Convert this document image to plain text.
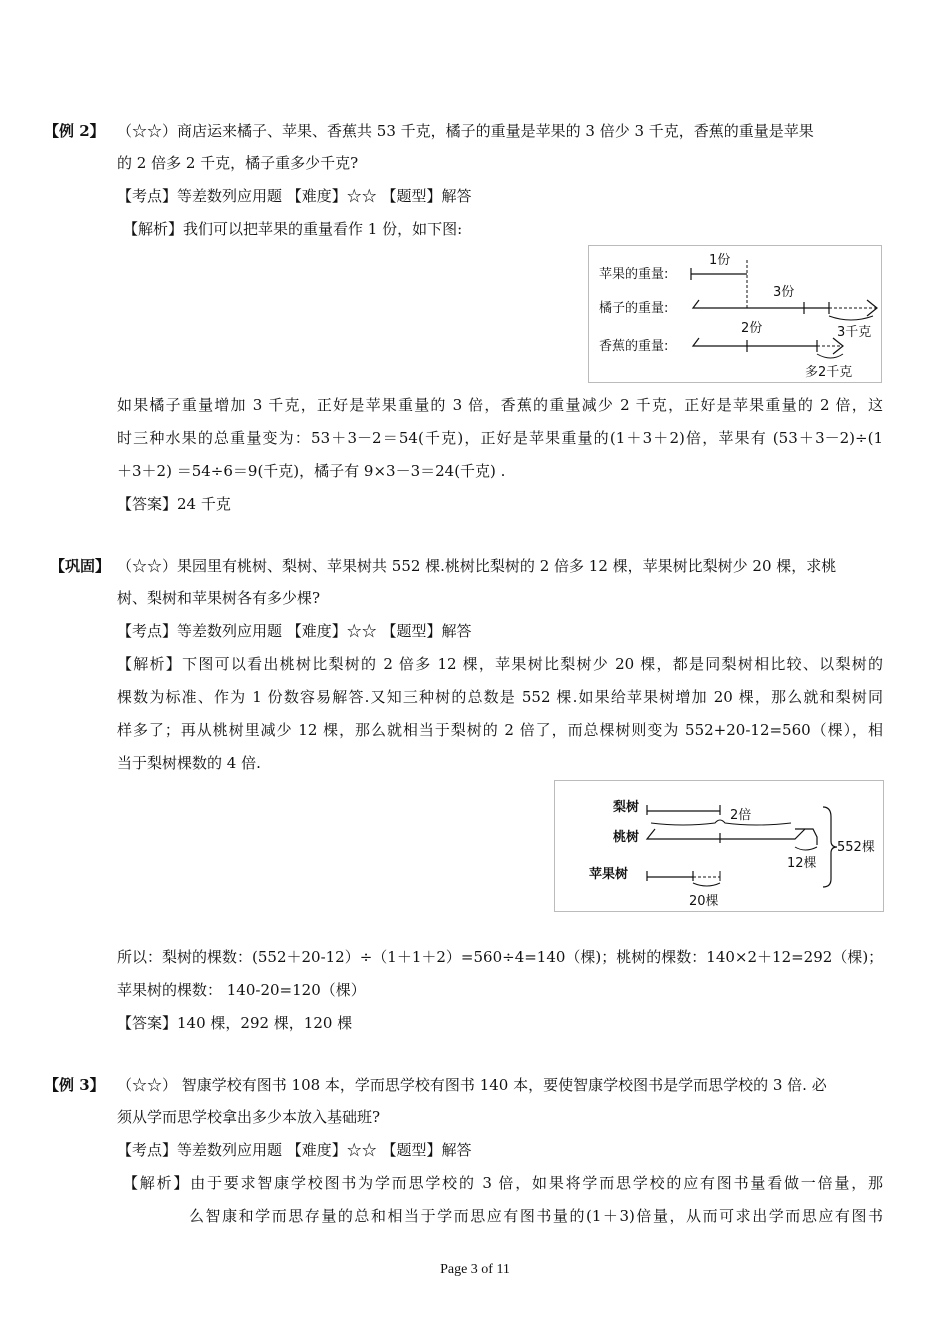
【例 2】 （☆☆）商店运来橘子、苹果、香蕉共 53 千克，橘子的重量是苹果的 3 倍少 3 千克，香蕉的重量是苹果
的 2 倍多 2 千克，橘子重多少千克?
【考点】等差数列应用题 【难度】☆☆ 【题型】解答
【解析】我们可以把苹果的重量看作 1 份，如下图:
苹果的重量:
橘子的重量:
香蕉的重量:
1份
3份
3千克
2份
多2千克
如果橘子重量增加 3 千克，正好是苹果重量的 3 倍，香蕉的重量减少 2 千克，正好是苹果重量的 2 倍，这
时三种水果的总重量变为：53＋3－2＝54(千克)，正好是苹果重量的(1＋3＋2)倍，苹果有 (53＋3－2)÷(1
＋3＋2) ＝54÷6＝9(千克)，橘子有 9×3－3＝24(千克) .
【答案】24 千克
【巩固】 （☆☆）果园里有桃树、梨树、苹果树共 552 棵.桃树比梨树的 2 倍多 12 棵，苹果树比梨树少 20 棵，求桃
树、梨树和苹果树各有多少棵?
【考点】等差数列应用题 【难度】☆☆ 【题型】解答
【解析】下图可以看出桃树比梨树的 2 倍多 12 棵，苹果树比梨树少 20 棵，都是同梨树相比较、以梨树的
棵数为标准、作为 1 份数容易解答.又知三种树的总数是 552 棵.如果给苹果树增加 20 棵，那么就和梨树同
样多了；再从桃树里减少 12 棵，那么就相当于梨树的 2 倍了，而总棵树则变为 552+20-12=560（棵），相
当于梨树棵数的 4 倍.
梨树
桃树
苹果树
2倍
12棵
552棵
20棵
所以：梨树的棵数：(552＋20-12）÷（1＋1＋2）=560÷4=140（棵)；桃树的棵数：140×2＋12=292（棵)；
苹果树的棵数： 140-20=120（棵）
【答案】140 棵，292 棵，120 棵
【例 3】 （☆☆） 智康学校有图书 108 本，学而思学校有图书 140 本，要使智康学校图书是学而思学校的 3 倍. 必
须从学而思学校拿出多少本放入基础班?
【考点】等差数列应用题 【难度】☆☆ 【题型】解答
【解析】由于要求智康学校图书为学而思学校的 3 倍，如果将学而思学校的应有图书量看做一倍量，那
么智康和学而思存量的总和相当于学而思应有图书量的(1＋3)倍量，从而可求出学而思应有图书
Page 3 of 11
